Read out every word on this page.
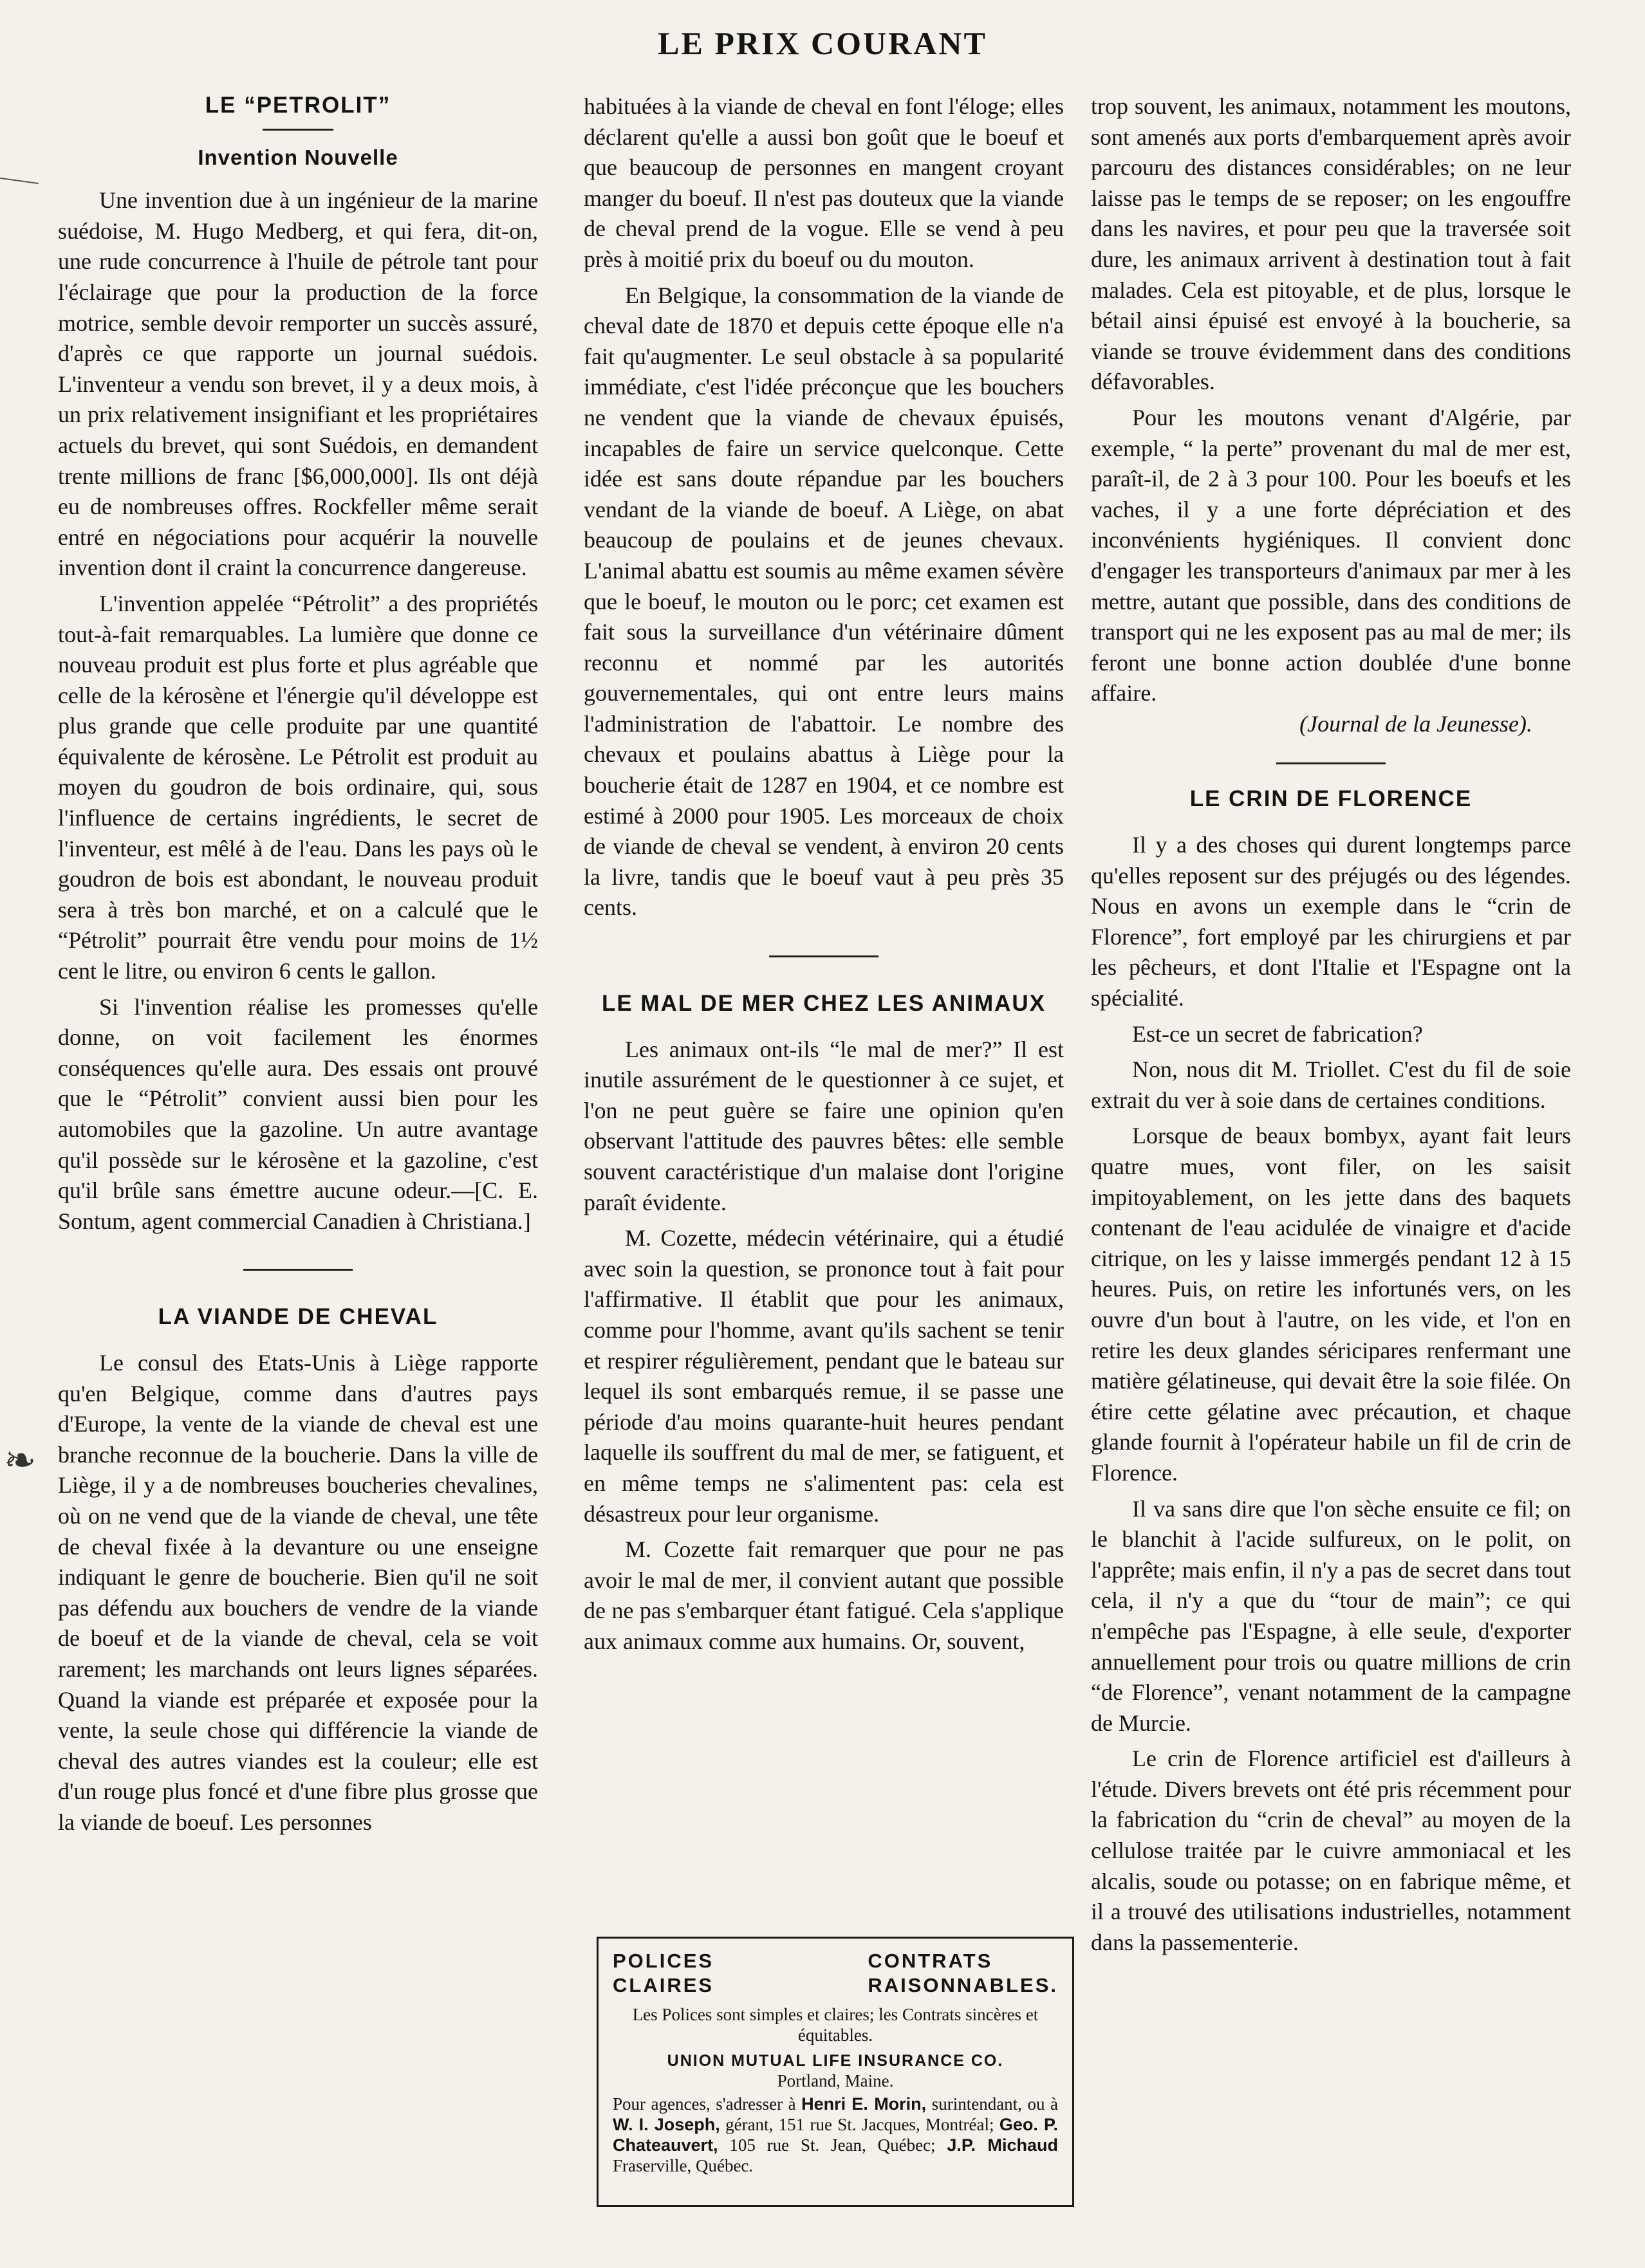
❧
LE PRIX COURANT
LE “PETROLIT”
Invention Nouvelle

Une invention due à un ingénieur de la marine suédoise, M. Hugo Medberg, et qui fera, dit-on, une rude concurrence à l'huile de pétrole tant pour l'éclairage que pour la production de la force motrice, semble devoir remporter un succès assuré, d'après ce que rapporte un journal suédois. L'inventeur a vendu son brevet, il y a deux mois, à un prix relativement insignifiant et les propriétaires actuels du brevet, qui sont Suédois, en demandent trente millions de franc [$6,000,000]. Ils ont déjà eu de nombreuses offres. Rockfeller même serait entré en négociations pour acquérir la nouvelle invention dont il craint la concurrence dangereuse.

L'invention appelée “Pétrolit” a des propriétés tout-à-fait remarquables. La lumière que donne ce nouveau produit est plus forte et plus agréable que celle de la kérosène et l'énergie qu'il développe est plus grande que celle produite par une quantité équivalente de kérosène. Le Pétrolit est produit au moyen du goudron de bois ordinaire, qui, sous l'influence de certains ingrédients, le secret de l'inventeur, est mêlé à de l'eau. Dans les pays où le goudron de bois est abondant, le nouveau produit sera à très bon marché, et on a calculé que le “Pétrolit” pourrait être vendu pour moins de 1½ cent le litre, ou environ 6 cents le gallon.

Si l'invention réalise les promesses qu'elle donne, on voit facilement les énormes conséquences qu'elle aura. Des essais ont prouvé que le “Pétrolit” convient aussi bien pour les automobiles que la gazoline. Un autre avantage qu'il possède sur le kérosène et la gazoline, c'est qu'il brûle sans émettre aucune odeur.—[C. E. Sontum, agent commercial Canadien à Christiana.]

LA VIANDE DE CHEVAL

Le consul des Etats-Unis à Liège rapporte qu'en Belgique, comme dans d'autres pays d'Europe, la vente de la viande de cheval est une branche reconnue de la boucherie. Dans la ville de Liège, il y a de nombreuses boucheries chevalines, où on ne vend que de la viande de cheval, une tête de cheval fixée à la devanture ou une enseigne indiquant le genre de boucherie. Bien qu'il ne soit pas défendu aux bouchers de vendre de la viande de boeuf et de la viande de cheval, cela se voit rarement; les marchands ont leurs lignes séparées. Quand la viande est préparée et exposée pour la vente, la seule chose qui différencie la viande de cheval des autres viandes est la couleur; elle est d'un rouge plus foncé et d'une fibre plus grosse que la viande de boeuf. Les personnes

habituées à la viande de cheval en font l'éloge; elles déclarent qu'elle a aussi bon goût que le boeuf et que beaucoup de personnes en mangent croyant manger du boeuf. Il n'est pas douteux que la viande de cheval prend de la vogue. Elle se vend à peu près à moitié prix du boeuf ou du mouton.

En Belgique, la consommation de la viande de cheval date de 1870 et depuis cette époque elle n'a fait qu'augmenter. Le seul obstacle à sa popularité immédiate, c'est l'idée préconçue que les bouchers ne vendent que la viande de chevaux épuisés, incapables de faire un service quelconque. Cette idée est sans doute répandue par les bouchers vendant de la viande de boeuf. A Liège, on abat beaucoup de poulains et de jeunes chevaux. L'animal abattu est soumis au même examen sévère que le boeuf, le mouton ou le porc; cet examen est fait sous la surveillance d'un vétérinaire dûment reconnu et nommé par les autorités gouvernementales, qui ont entre leurs mains l'administration de l'abattoir. Le nombre des chevaux et poulains abattus à Liège pour la boucherie était de 1287 en 1904, et ce nombre est estimé à 2000 pour 1905. Les morceaux de choix de viande de cheval se vendent, à environ 20 cents la livre, tandis que le boeuf vaut à peu près 35 cents.

LE MAL DE MER CHEZ LES ANIMAUX

Les animaux ont-ils “le mal de mer?” Il est inutile assurément de le questionner à ce sujet, et l'on ne peut guère se faire une opinion qu'en observant l'attitude des pauvres bêtes: elle semble souvent caractéristique d'un malaise dont l'origine paraît évidente.

M. Cozette, médecin vétérinaire, qui a étudié avec soin la question, se prononce tout à fait pour l'affirmative. Il établit que pour les animaux, comme pour l'homme, avant qu'ils sachent se tenir et respirer régulièrement, pendant que le bateau sur lequel ils sont embarqués remue, il se passe une période d'au moins quarante-huit heures pendant laquelle ils souffrent du mal de mer, se fatiguent, et en même temps ne s'alimentent pas: cela est désastreux pour leur organisme.

M. Cozette fait remarquer que pour ne pas avoir le mal de mer, il convient autant que possible de ne pas s'embarquer étant fatigué. Cela s'applique aux animaux comme aux humains. Or, souvent,

POLICES
CLAIRES
CONTRATS
RAISONNABLES.
Les Polices sont simples et claires; les Contrats sincères et équitables.
UNION MUTUAL LIFE INSURANCE CO.
Portland, Maine.
Pour agences, s'adresser à Henri E. Morin, surintendant, ou à W. I. Joseph, gérant, 151 rue St. Jacques, Montréal; Geo. P. Chateauvert, 105 rue St. Jean, Québec; J.P. Michaud Fraserville, Québec.

trop souvent, les animaux, notamment les moutons, sont amenés aux ports d'embarquement après avoir parcouru des distances considérables; on ne leur laisse pas le temps de se reposer; on les engouffre dans les navires, et pour peu que la traversée soit dure, les animaux arrivent à destination tout à fait malades. Cela est pitoyable, et de plus, lorsque le bétail ainsi épuisé est envoyé à la boucherie, sa viande se trouve évidemment dans des conditions défavorables.

Pour les moutons venant d'Algérie, par exemple, “ la perte” provenant du mal de mer est, paraît-il, de 2 à 3 pour 100. Pour les boeufs et les vaches, il y a une forte dépréciation et des inconvénients hygiéniques. Il convient donc d'engager les transporteurs d'animaux par mer à les mettre, autant que possible, dans des conditions de transport qui ne les exposent pas au mal de mer; ils feront une bonne action doublée d'une bonne affaire.

(Journal de la Jeunesse).
LE CRIN DE FLORENCE

Il y a des choses qui durent longtemps parce qu'elles reposent sur des préjugés ou des légendes. Nous en avons un exemple dans le “crin de Florence”, fort employé par les chirurgiens et par les pêcheurs, et dont l'Italie et l'Espagne ont la spécialité.

Est-ce un secret de fabrication?

Non, nous dit M. Triollet. C'est du fil de soie extrait du ver à soie dans de certaines conditions.

Lorsque de beaux bombyx, ayant fait leurs quatre mues, vont filer, on les saisit impitoyablement, on les jette dans des baquets contenant de l'eau acidulée de vinaigre et d'acide citrique, on les y laisse immergés pendant 12 à 15 heures. Puis, on retire les infortunés vers, on les ouvre d'un bout à l'autre, on les vide, et l'on en retire les deux glandes séricipares renfermant une matière gélatineuse, qui devait être la soie filée. On étire cette gélatine avec précaution, et chaque glande fournit à l'opérateur habile un fil de crin de Florence.

Il va sans dire que l'on sèche ensuite ce fil; on le blanchit à l'acide sulfureux, on le polit, on l'apprête; mais enfin, il n'y a pas de secret dans tout cela, il n'y a que du “tour de main”; ce qui n'empêche pas l'Espagne, à elle seule, d'exporter annuellement pour trois ou quatre millions de crin “de Florence”, venant notamment de la campagne de Murcie.

Le crin de Florence artificiel est d'ailleurs à l'étude. Divers brevets ont été pris récemment pour la fabrication du “crin de cheval” au moyen de la cellulose traitée par le cuivre ammoniacal et les alcalis, soude ou potasse; on en fabrique même, et il a trouvé des utilisations industrielles, notamment dans la passementerie.
